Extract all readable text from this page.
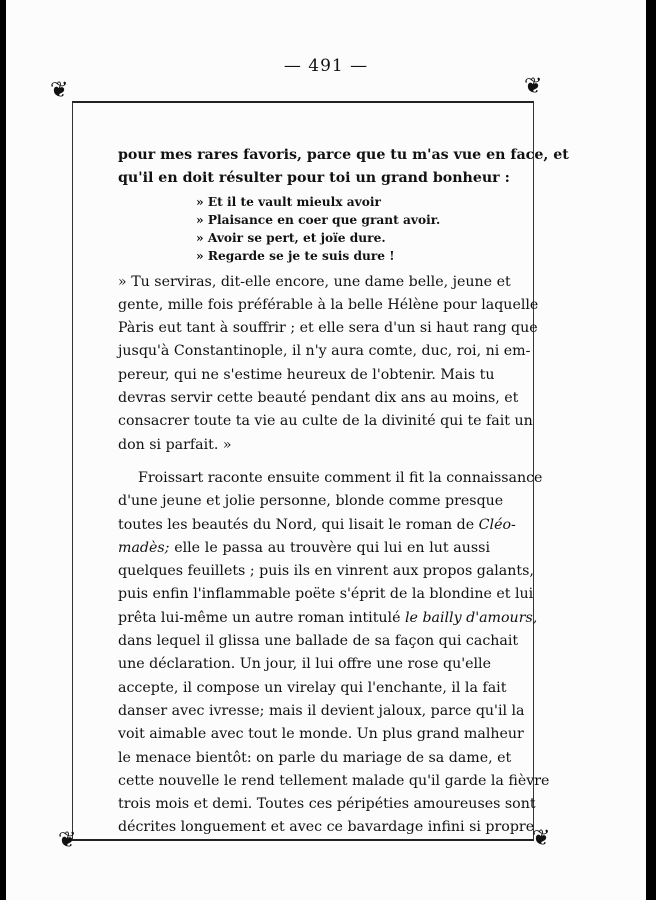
— 491 —
❦	❦
❦	❦
pour mes rares favoris, parce que tu m'as vue en face, et
qu'il en doit résulter pour toi un grand bonheur :
» Et il te vault mieulx avoir
» Plaisance en coer que grant avoir.
» Avoir se pert, et joïe dure.
» Regarde se je te suis dure !
» Tu serviras, dit-elle encore, une dame belle, jeune et
gente, mille fois préférable à la belle Hélène pour laquelle
Pàris eut tant à souffrir ; et elle sera d'un si haut rang que
jusqu'à Constantinople, il n'y aura comte, duc, roi, ni em-
pereur, qui ne s'estime heureux de l'obtenir. Mais tu
devras servir cette beauté pendant dix ans au moins, et
consacrer toute ta vie au culte de la divinité qui te fait un
don si parfait. »
Froissart raconte ensuite comment il fit la connaissance
d'une jeune et jolie personne, blonde comme presque
toutes les beautés du Nord, qui lisait le roman de Cléo-
madès; elle le passa au trouvère qui lui en lut aussi
quelques feuillets ; puis ils en vinrent aux propos galants,
puis enfin l'inflammable poëte s'éprit de la blondine et lui
prêta lui-même un autre roman intitulé le bailly d'amours,
dans lequel il glissa une ballade de sa façon qui cachait
une déclaration. Un jour, il lui offre une rose qu'elle
accepte, il compose un virelay qui l'enchante, il la fait
danser avec ivresse; mais il devient jaloux, parce qu'il la
voit aimable avec tout le monde. Un plus grand malheur
le menace bientôt: on parle du mariage de sa dame, et
cette nouvelle le rend tellement malade qu'il garde la fièvre
trois mois et demi. Toutes ces péripéties amoureuses sont
décrites longuement et avec ce bavardage infini si propre
